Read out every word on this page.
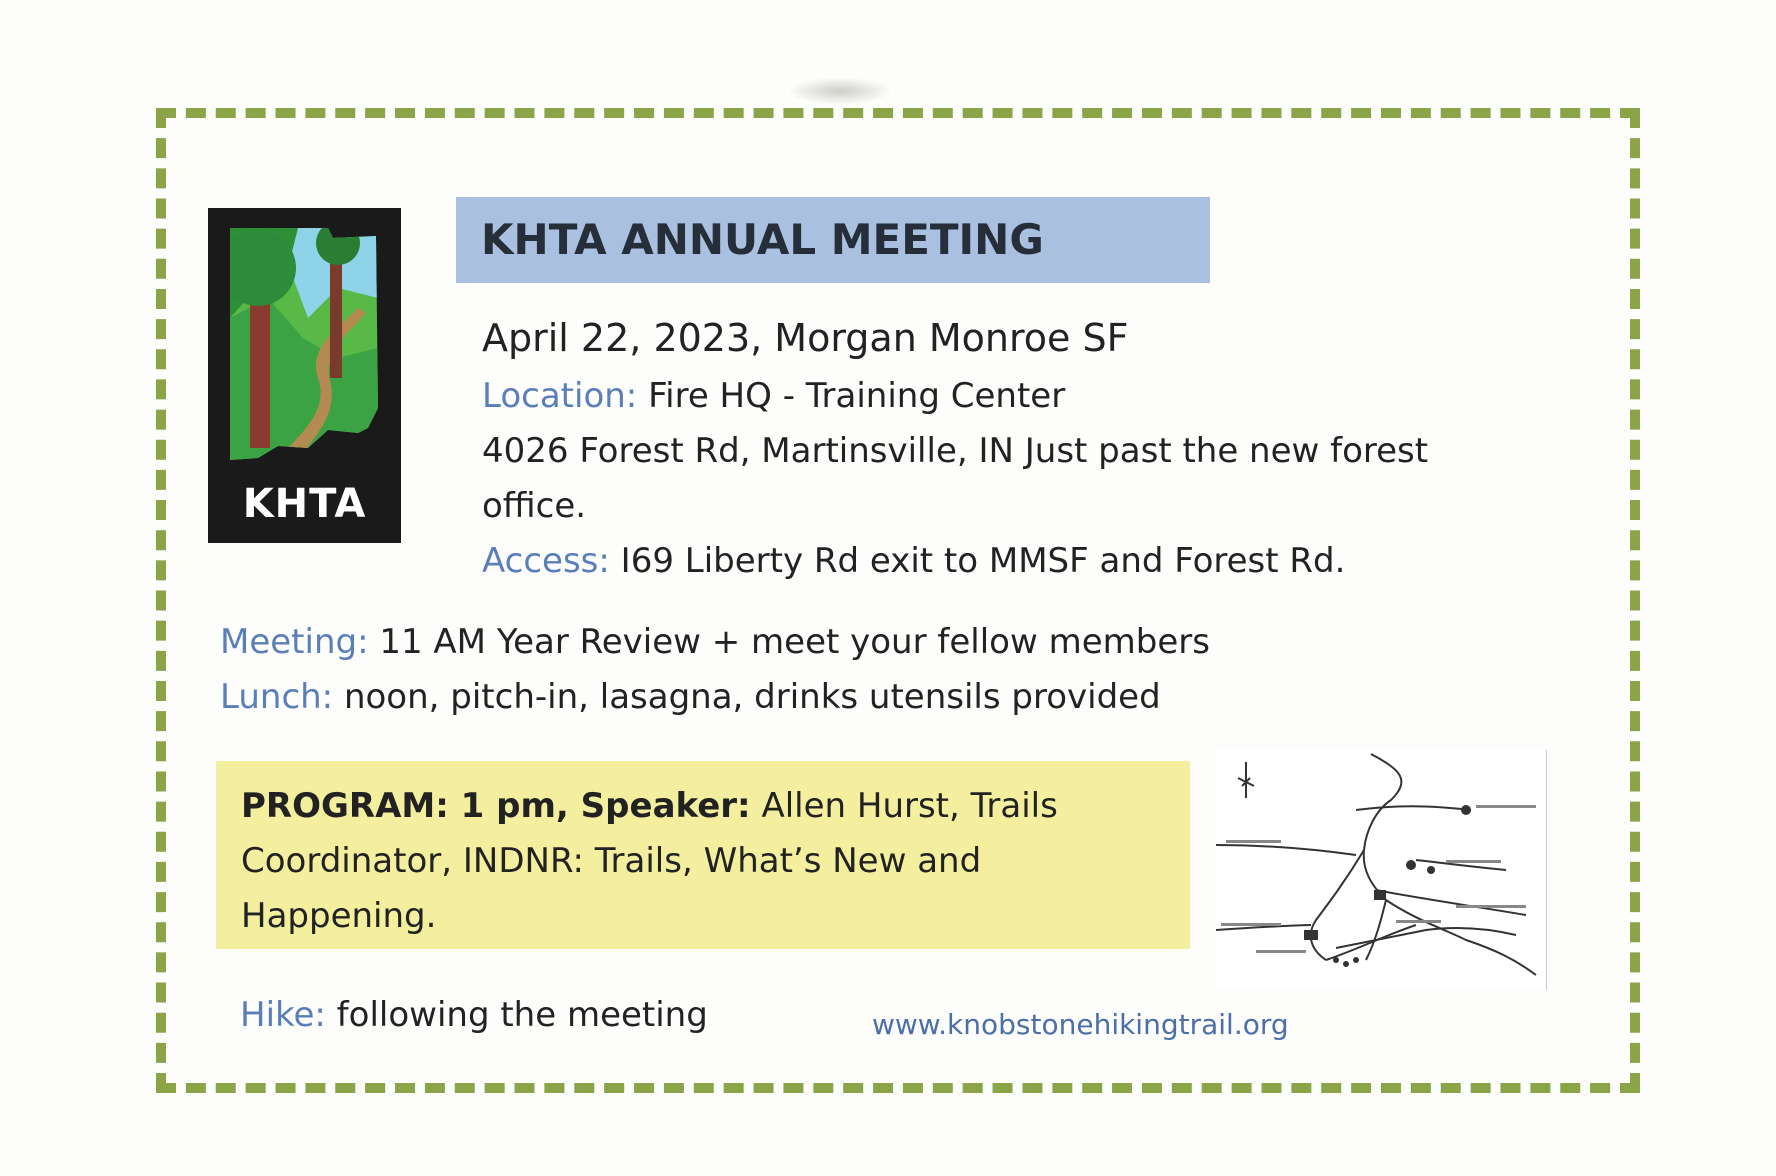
KHTA
KHTA ANNUAL MEETING
April 22, 2023, Morgan Monroe SF
Location: Fire HQ - Training Center
4026 Forest Rd, Martinsville, IN Just past the new forest
office.
Access: I69 Liberty Rd exit to MMSF and Forest Rd.
Meeting: 11 AM Year Review + meet your fellow members
Lunch: noon, pitch-in, lasagna, drinks utensils provided
PROGRAM: 1 pm, Speaker: Allen Hurst, Trails
Coordinator, INDNR: Trails, What’s New and
Happening.
Hike: following the meeting	www.knobstonehikingtrail.org
